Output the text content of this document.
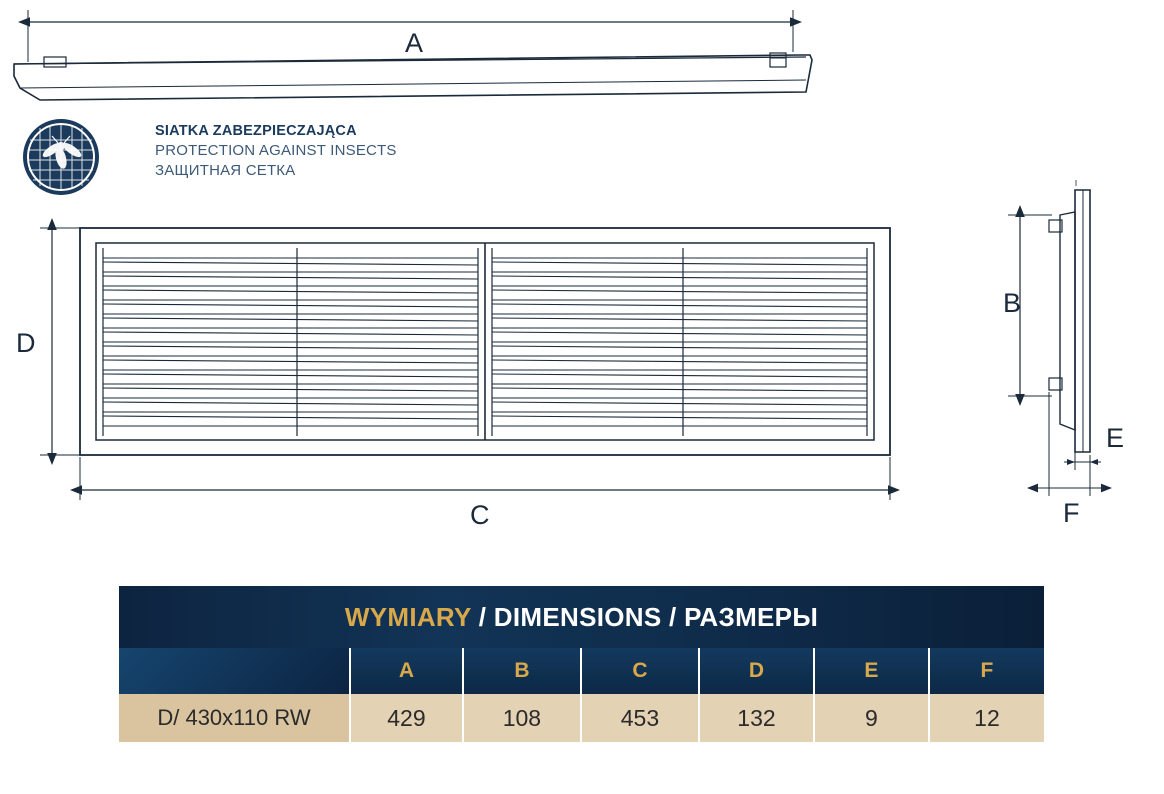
A
B
C
D
E
F
SIATKA ZABEZPIECZAJĄCA
PROTECTION AGAINST INSECTS
ЗАЩИТНАЯ СЕТКА
WYMIARY / DIMENSIONS / РАЗМЕРЫ						
	A	B	C	D	E	F
D/ 430x110 RW	429	108	453	132	9	12
